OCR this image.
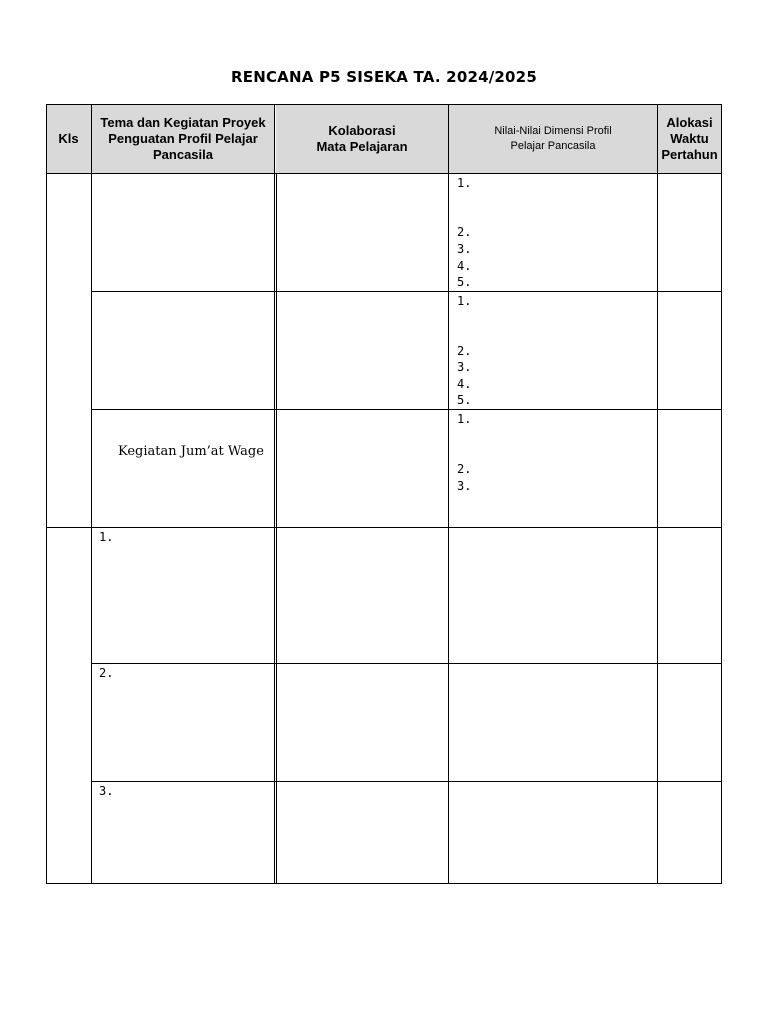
RENCANA P5 SISEKA TA. 2024/2025
Kls
Tema dan Kegiatan Proyek Penguatan Profil Pelajar Pancasila
Kolaborasi
Mata Pelajaran
Nilai-Nilai Dimensi Profil Pelajar Pancasila
Alokasi Waktu Pertahun
1.
2.
3.
4.
5.
1.
2.
3.
4.
5.
Kegiatan Jum’at Wage
1.
2.
3.
1.
2.
3.
